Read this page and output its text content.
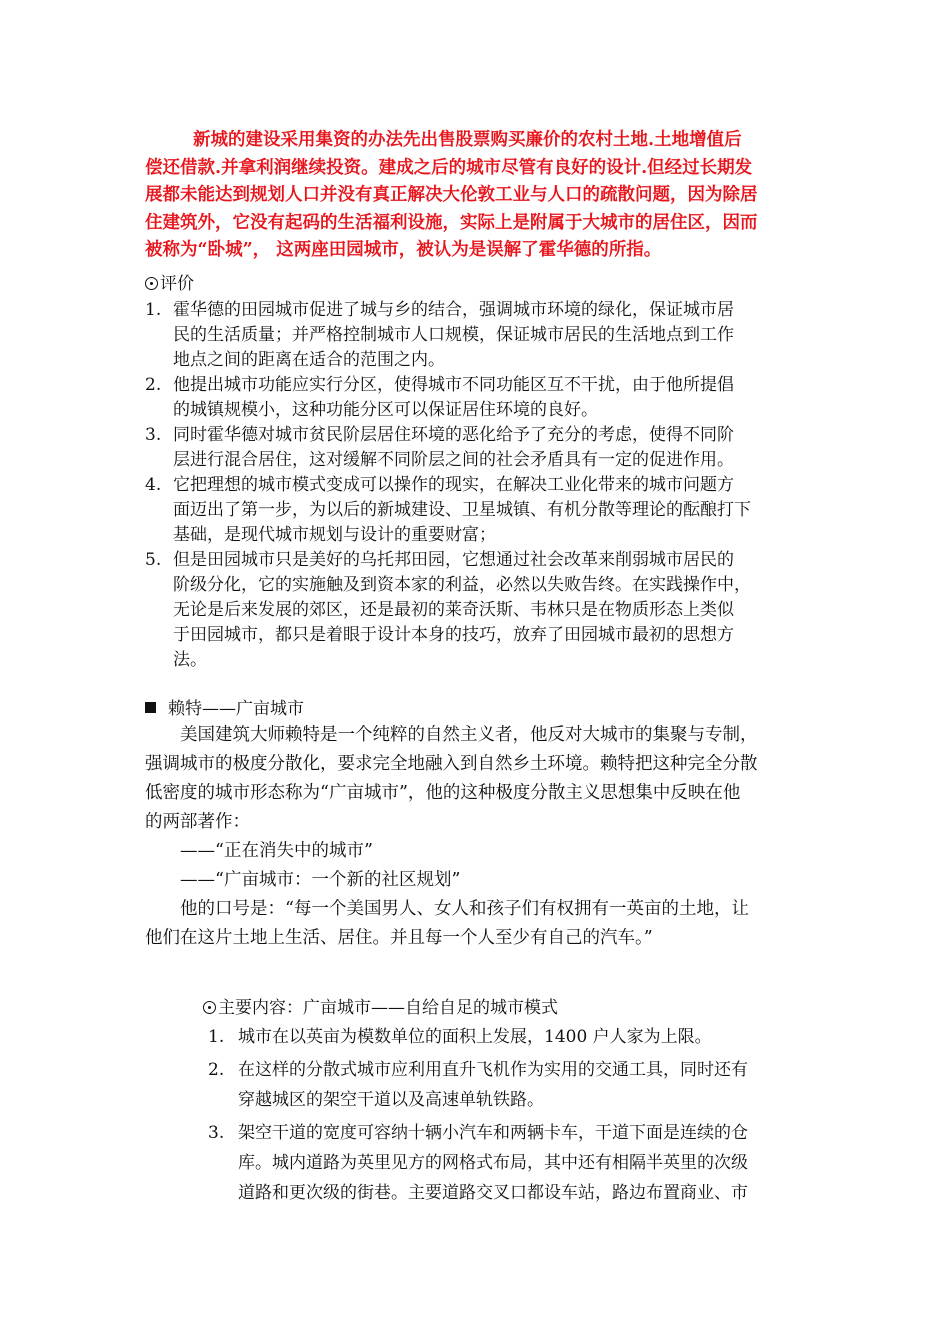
新城的建设采用集资的办法先出售股票购买廉价的农村土地.土地增值后
偿还借款.并拿利润继续投资。建成之后的城市尽管有良好的设计.但经过长期发
展都未能达到规划人口并没有真正解决大伦敦工业与人口的疏散问题，因为除居
住建筑外，它没有起码的生活福利设施，实际上是附属于大城市的居住区，因而
被称为“卧城”， 这两座田园城市，被认为是误解了霍华德的所指。
评价
1. 霍华德的田园城市促进了城与乡的结合，强调城市环境的绿化，保证城市居
民的生活质量；并严格控制城市人口规模，保证城市居民的生活地点到工作
地点之间的距离在适合的范围之内。
2. 他提出城市功能应实行分区，使得城市不同功能区互不干扰，由于他所提倡
的城镇规模小，这种功能分区可以保证居住环境的良好。
3. 同时霍华德对城市贫民阶层居住环境的恶化给予了充分的考虑，使得不同阶
层进行混合居住，这对缓解不同阶层之间的社会矛盾具有一定的促进作用。
4. 它把理想的城市模式变成可以操作的现实，在解决工业化带来的城市问题方
面迈出了第一步，为以后的新城建设、卫星城镇、有机分散等理论的酝酿打下
基础，是现代城市规划与设计的重要财富；
5. 但是田园城市只是美好的乌托邦田园，它想通过社会改革来削弱城市居民的
阶级分化，它的实施触及到资本家的利益，必然以失败告终。在实践操作中，
无论是后来发展的郊区，还是最初的莱奇沃斯、韦林只是在物质形态上类似
于田园城市，都只是着眼于设计本身的技巧，放弃了田园城市最初的思想方
法。
赖特——广亩城市
　　美国建筑大师赖特是一个纯粹的自然主义者，他反对大城市的集聚与专制，
强调城市的极度分散化，要求完全地融入到自然乡土环境。赖特把这种完全分散
低密度的城市形态称为“广亩城市”，他的这种极度分散主义思想集中反映在他
的两部著作：
　　——“正在消失中的城市”
　　——“广亩城市：一个新的社区规划”
　　他的口号是：“每一个美国男人、女人和孩子们有权拥有一英亩的土地，让
他们在这片土地上生活、居住。并且每一个人至少有自己的汽车。”
主要内容：广亩城市——自给自足的城市模式
1. 城市在以英亩为模数单位的面积上发展，1400 户人家为上限。
2. 在这样的分散式城市应利用直升飞机作为实用的交通工具，同时还有
穿越城区的架空干道以及高速单轨铁路。
3. 架空干道的宽度可容纳十辆小汽车和两辆卡车，干道下面是连续的仓
库。城内道路为英里见方的网格式布局，其中还有相隔半英里的次级
道路和更次级的街巷。主要道路交叉口都设车站，路边布置商业、市
